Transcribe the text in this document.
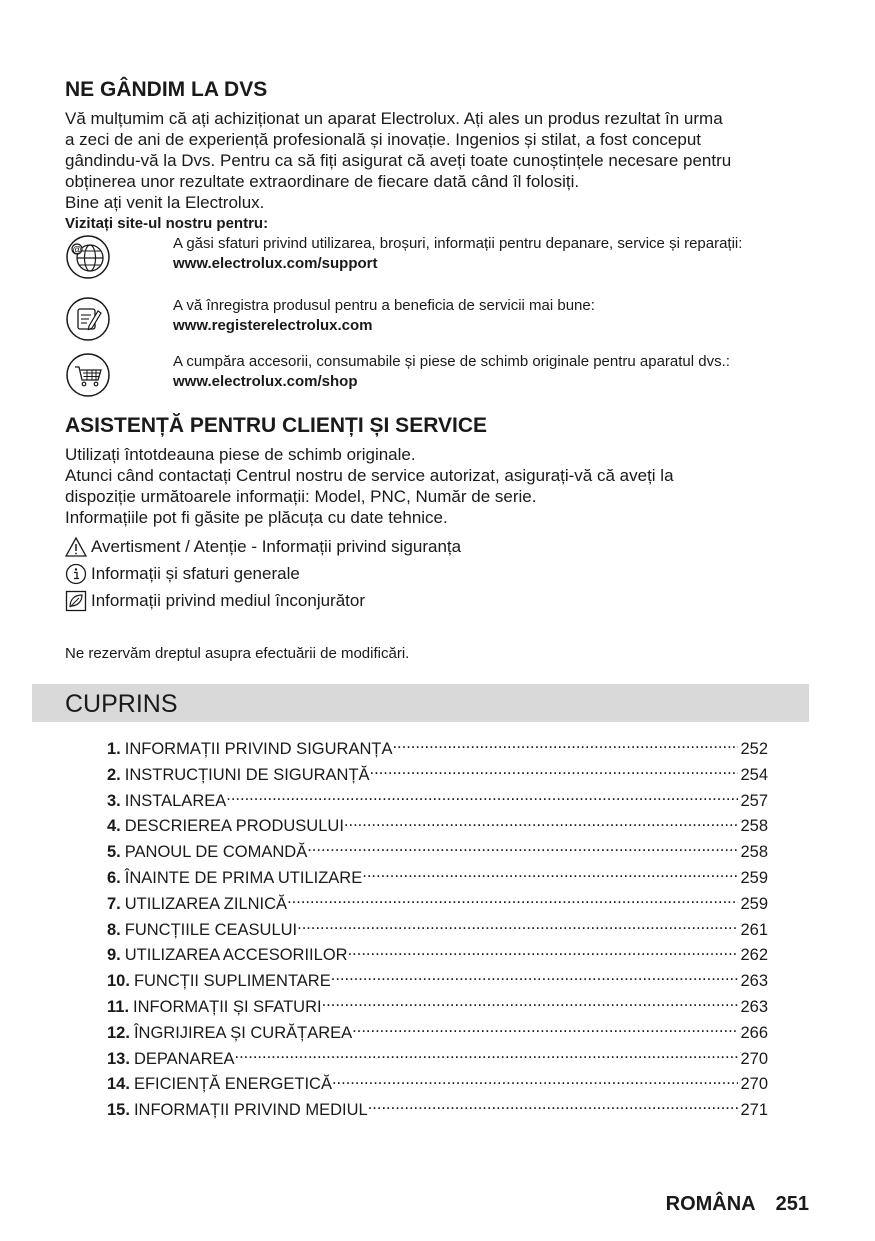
NE GÂNDIM LA DVS

Vă mulțumim că ați achiziționat un aparat Electrolux. Ați ales un produs rezultat în urma

a zeci de ani de experiență profesională și inovație. Ingenios și stilat, a fost conceput

gândindu-vă la Dvs. Pentru ca să fiți asigurat că aveți toate cunoștințele necesare pentru

obținerea unor rezultate extraordinare de fiecare dată când îl folosiți.

Bine ați venit la Electrolux.

Vizitați site-ul nostru pentru:

@	A găsi sfaturi privind utilizarea, broșuri, informații pentru depanare, service și reparații:
www.electrolux.com/support
A vă înregistra produsul pentru a beneficia de servicii mai bune:
www.registerelectrolux.com
A cumpăra accesorii, consumabile și piese de schimb originale pentru aparatul dvs.:
www.electrolux.com/shop
ASISTENȚĂ PENTRU CLIENȚI ȘI SERVICE

Utilizați întotdeauna piese de schimb originale.

Atunci când contactați Centrul nostru de service autorizat, asigurați-vă că aveți la

dispoziție următoarele informații: Model, PNC, Număr de serie.

Informațiile pot fi găsite pe plăcuța cu date tehnice.

Avertisment / Atenție - Informații privind siguranța
Informații și sfaturi generale
Informații privind mediul înconjurător

Ne rezervăm dreptul asupra efectuării de modificări.

CUPRINS
1. INFORMAȚII PRIVIND SIGURANȚA .....	252
2. INSTRUCȚIUNI DE SIGURANȚĂ .....	254
3. INSTALAREA .....	257
4. DESCRIEREA PRODUSULUI .....	258
5. PANOUL DE COMANDĂ .....	258
6. ÎNAINTE DE PRIMA UTILIZARE .....	259
7. UTILIZAREA ZILNICĂ .....	259
8. FUNCȚIILE CEASULUI .....	261
9. UTILIZAREA ACCESORIILOR .....	262
10. FUNCȚII SUPLIMENTARE .....	263
11. INFORMAȚII ȘI SFATURI .....	263
12. ÎNGRIJIREA ȘI CURĂȚAREA .....	266
13. DEPANAREA .....	270
14. EFICIENȚĂ ENERGETICĂ .....	270
15. INFORMAȚII PRIVIND MEDIUL .....	271
ROMÂNA 251
